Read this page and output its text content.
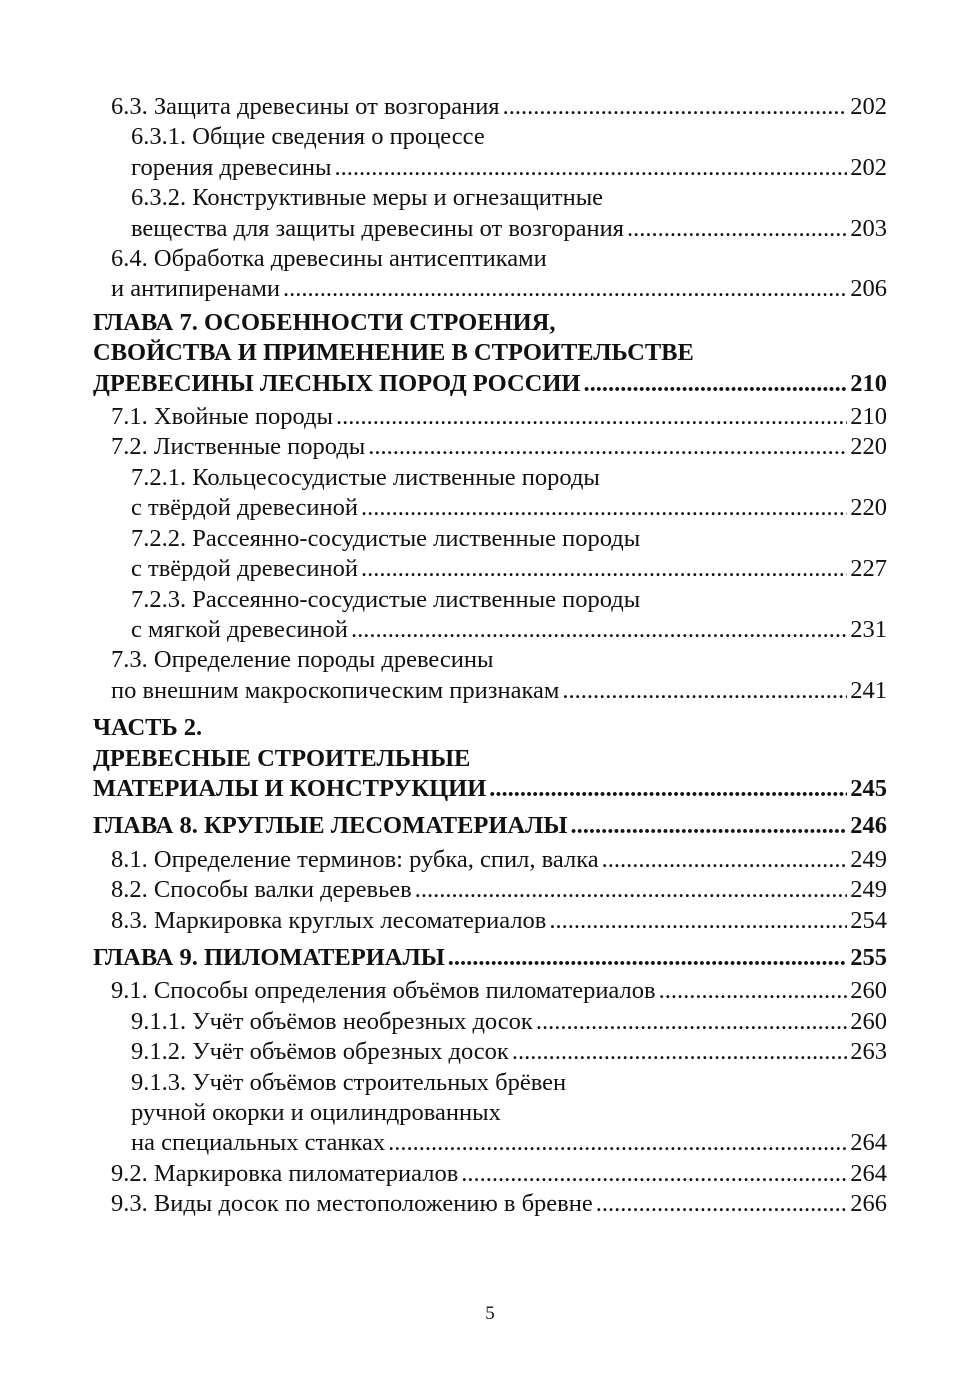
6.3. Защита древесины от возгорания .....	202
6.3.1. Общие сведения о процессе
горения древесины .....	202
6.3.2. Конструктивные меры и огнезащитные
вещества для защиты древесины от возгорания .....	203
6.4. Обработка древесины антисептиками
и антипиренами .....	206
ГЛАВА 7. ОСОБЕННОСТИ СТРОЕНИЯ,
СВОЙСТВА И ПРИМЕНЕНИЕ В СТРОИТЕЛЬСТВЕ
ДРЕВЕСИНЫ ЛЕСНЫХ ПОРОД РОССИИ .....	210
7.1. Хвойные породы .....	210
7.2. Лиственные породы .....	220
7.2.1. Кольцесосудистые лиственные породы
с твёрдой древесиной .....	220
7.2.2. Рассеянно-сосудистые лиственные породы
с твёрдой древесиной .....	227
7.2.3. Рассеянно-сосудистые лиственные породы
с мягкой древесиной .....	231
7.3. Определение породы древесины
по внешним макроскопическим признакам .....	241
ЧАСТЬ 2.
ДРЕВЕСНЫЕ СТРОИТЕЛЬНЫЕ
МАТЕРИАЛЫ И КОНСТРУКЦИИ .....	245
ГЛАВА 8. КРУГЛЫЕ ЛЕСОМАТЕРИАЛЫ .....	246
8.1. Определение терминов: рубка, спил, валка .....	249
8.2. Способы валки деревьев .....	249
8.3. Маркировка круглых лесоматериалов .....	254
ГЛАВА 9. ПИЛОМАТЕРИАЛЫ .....	255
9.1. Способы определения объёмов пиломатериалов .....	260
9.1.1. Учёт объёмов необрезных досок .....	260
9.1.2. Учёт объёмов обрезных досок .....	263
9.1.3. Учёт объёмов строительных брёвен
ручной окорки и оцилиндрованных
на специальных станках .....	264
9.2. Маркировка пиломатериалов .....	264
9.3. Виды досок по местоположению в бревне .....	266
5
